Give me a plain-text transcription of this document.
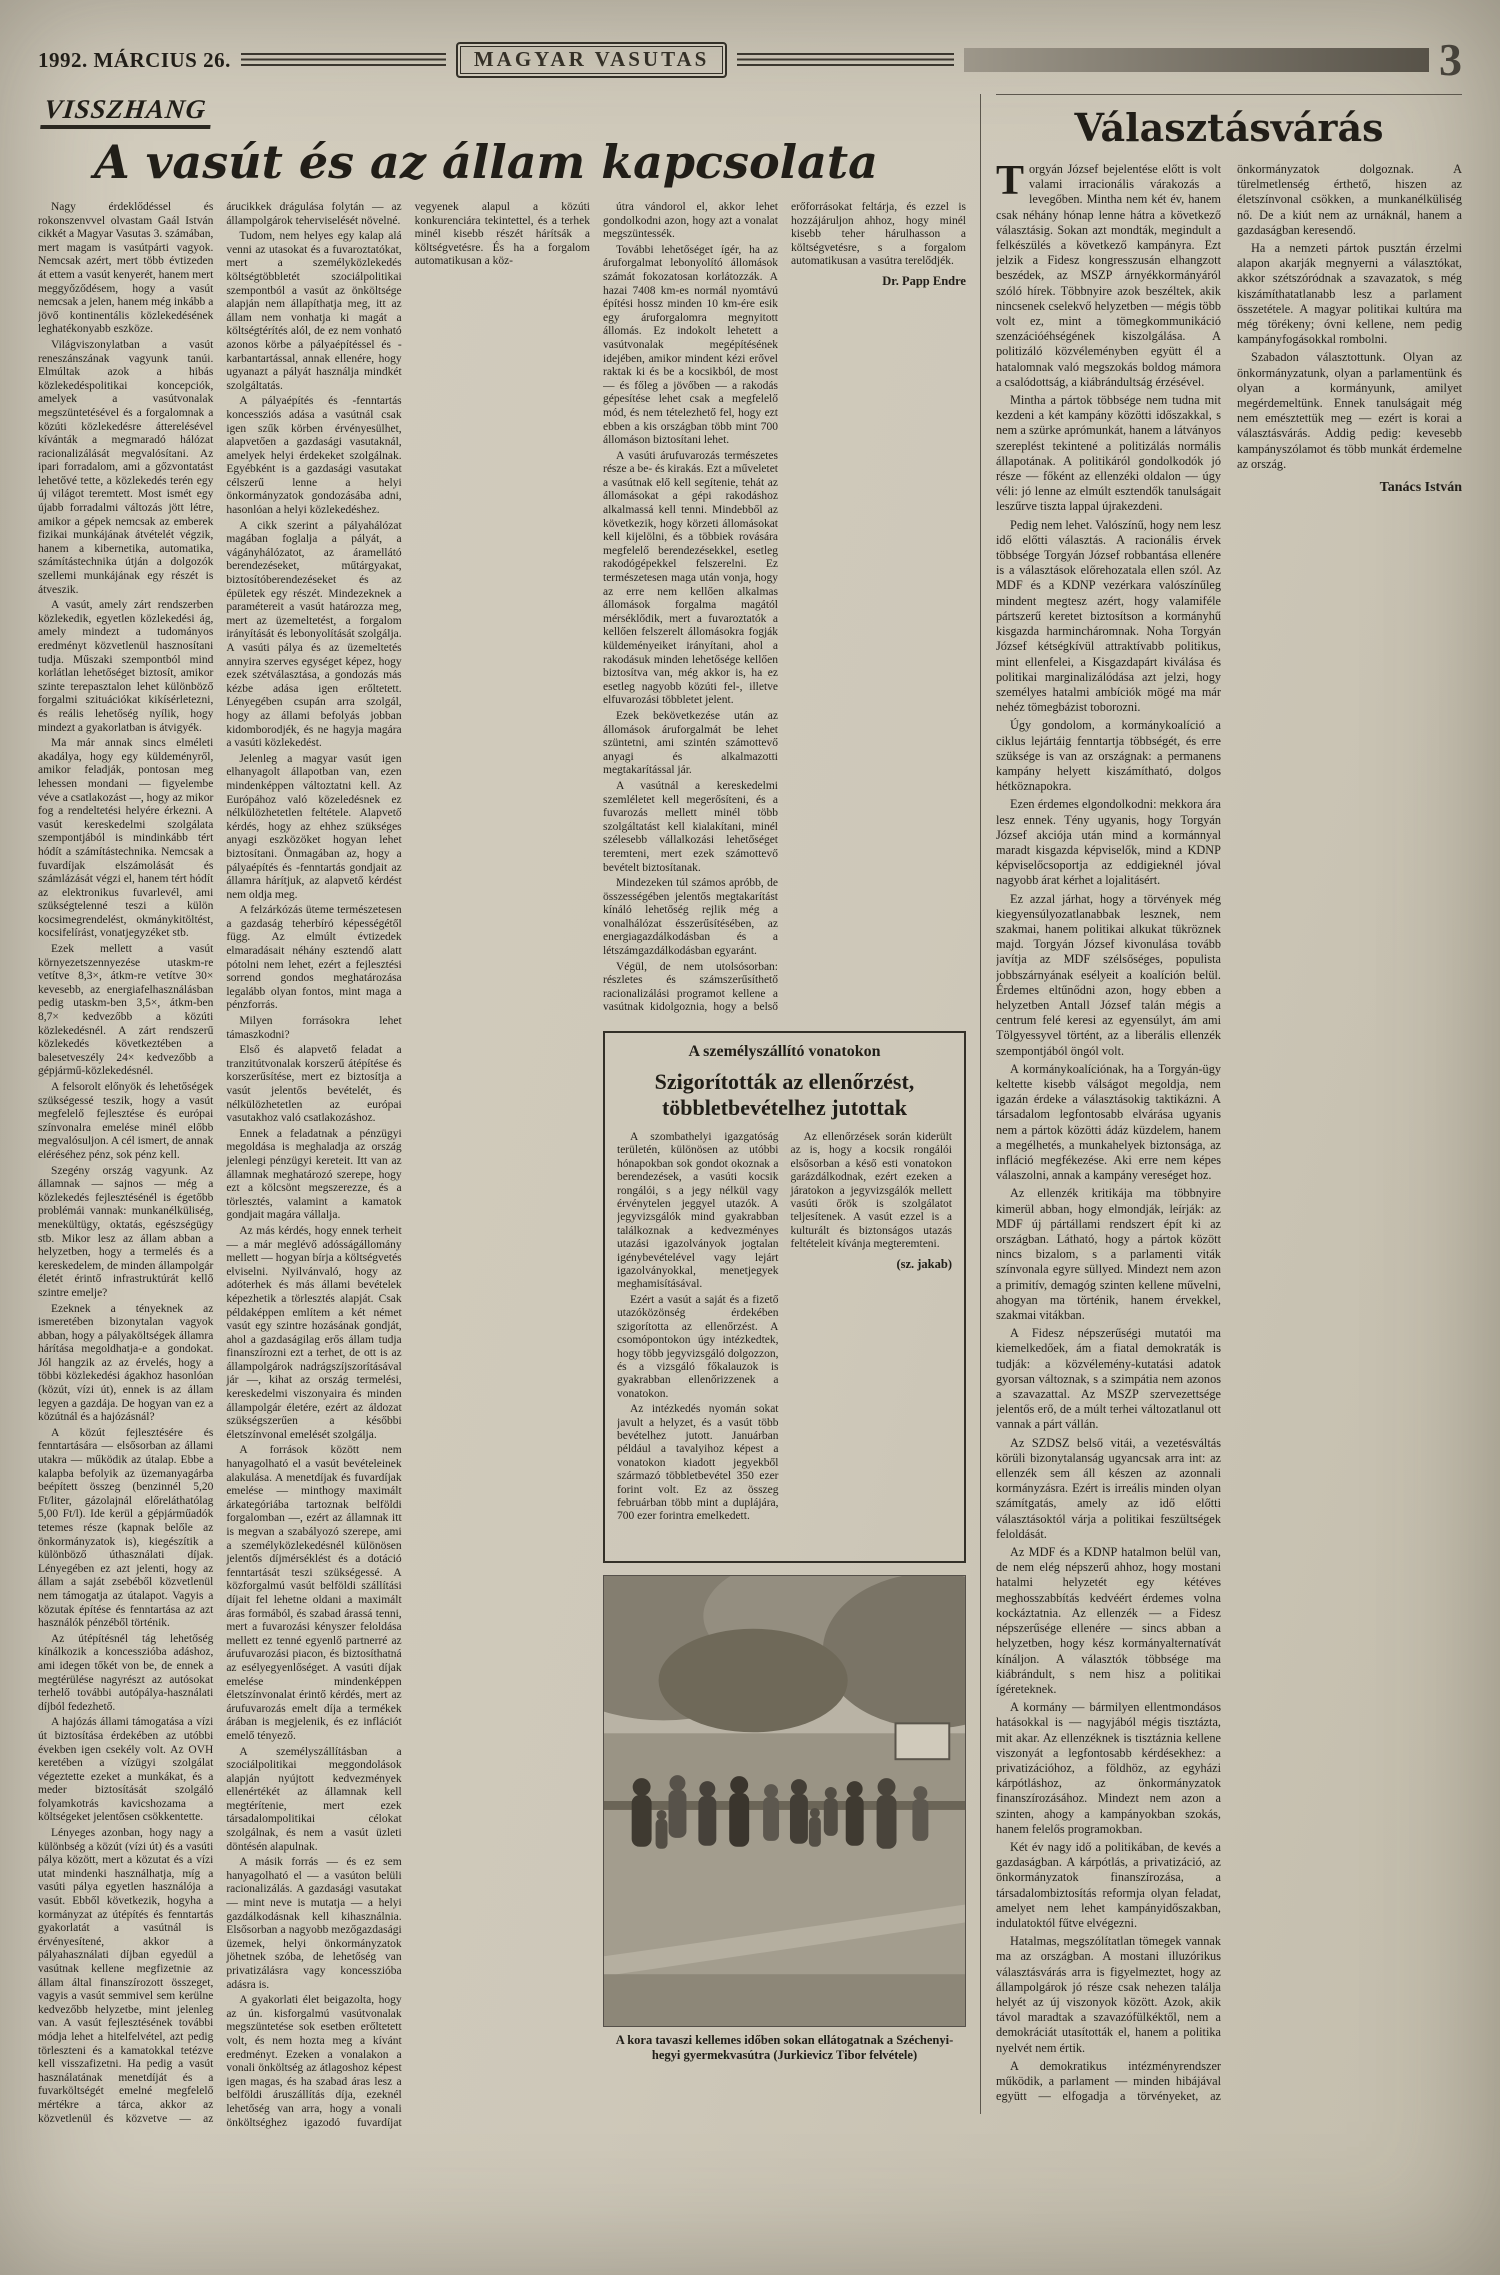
1992. MÁRCIUS 26.	MAGYAR VASUTAS	3
VISSZHANG
A vasút és az állam kapcsolata

Nagy érdeklődéssel és rokonszenvvel olvastam Gaál István cikkét a Magyar Vasutas 3. számában, mert magam is vasútpárti vagyok. Nemcsak azért, mert több évtizeden át ettem a vasút kenyerét, hanem mert meggyőződésem, hogy a vasút nemcsak a jelen, hanem még inkább a jövő kontinentális közlekedésének leghatékonyabb eszköze.

Világviszonylatban a vasút reneszánszának vagyunk tanúi. Elmúltak azok a hibás közlekedéspolitikai koncepciók, amelyek a vasútvonalak megszüntetésével és a forgalomnak a közúti közlekedésre átterelésével kívánták a megmaradó hálózat racionalizálását megvalósítani. Az ipari forradalom, ami a gőzvontatást lehetővé tette, a közlekedés terén egy új világot teremtett. Most ismét egy újabb forradalmi változás jött létre, amikor a gépek nemcsak az emberek fizikai munkájának átvételét végzik, hanem a kibernetika, automatika, számítástechnika útján a dolgozók szellemi munkájának egy részét is átveszik.

A vasút, amely zárt rendszerben közlekedik, egyetlen közlekedési ág, amely mindezt a tudományos eredményt közvetlenül hasznosítani tudja. Műszaki szempontból mind korlátlan lehetőséget biztosít, amikor szinte terepasztalon lehet különböző forgalmi szituációkat kikísérletezni, és reális lehetőség nyílik, hogy mindezt a gyakorlatban is átvigyék.

Ma már annak sincs elméleti akadálya, hogy egy küldeményről, amikor feladják, pontosan meg lehessen mondani — figyelembe véve a csatlakozást —, hogy az mikor fog a rendeltetési helyére érkezni. A vasút kereskedelmi szolgálata szempontjából is mindinkább tért hódít a számítástechnika. Nemcsak a fuvardíjak elszámolását és számlázását végzi el, hanem tért hódít az elektronikus fuvarlevél, ami szükségtelenné teszi a külön kocsimegrendelést, okmánykitöltést, kocsifelírást, vonatjegyzéket stb.

Ezek mellett a vasút környezetszennyezése utaskm-re vetítve 8,3×, átkm-re vetítve 30× kevesebb, az energiafelhasználásban pedig utaskm-ben 3,5×, átkm-ben 8,7× kedvezőbb a közúti közlekedésnél. A zárt rendszerű közlekedés következtében a balesetveszély 24× kedvezőbb a gépjármű-közlekedésnél.

A felsorolt előnyök és lehetőségek szükségessé teszik, hogy a vasút megfelelő fejlesztése és európai színvonalra emelése minél előbb megvalósuljon. A cél ismert, de annak eléréséhez pénz, sok pénz kell.

Szegény ország vagyunk. Az államnak — sajnos — még a közlekedés fejlesztésénél is égetőbb problémái vannak: munkanélküliség, menekültügy, oktatás, egészségügy stb. Mikor lesz az állam abban a helyzetben, hogy a termelés és a kereskedelem, de minden állampolgár életét érintő infrastruktúrát kellő szintre emelje?

Ezeknek a tényeknek az ismeretében bizonytalan vagyok abban, hogy a pályaköltségek államra hárítása megoldhatja-e a gondokat. Jól hangzik az az érvelés, hogy a többi közlekedési ágakhoz hasonlóan (közút, vízi út), ennek is az állam legyen a gazdája. De hogyan van ez a közútnál és a hajózásnál?

A közút fejlesztésére és fenntartására — elsősorban az állami utakra — működik az útalap. Ebbe a kalapba befolyik az üzemanyagárba beépített összeg (benzinnél 5,20 Ft/liter, gázolajnál előreláthatólag 5,00 Ft/l). Ide kerül a gépjárműadók tetemes része (kapnak belőle az önkormányzatok is), kiegészítik a különböző úthasználati díjak. Lényegében ez azt jelenti, hogy az állam a saját zsebéből közvetlenül nem támogatja az útalapot. Vagyis a közutak építése és fenntartása az azt használók pénzéből történik.

Az útépítésnél tág lehetőség kínálkozik a koncesszióba adáshoz, ami idegen tőkét von be, de ennek a megtérülése nagyrészt az autósokat terhelő további autópálya-használati díjból fedezhető.

A hajózás állami támogatása a vízi út biztosítása érdekében az utóbbi években igen csekély volt. Az OVH keretében a vízügyi szolgálat végeztette ezeket a munkákat, és a meder biztosítását szolgáló folyamkotrás kavicshozama a költségeket jelentősen csökkentette.

Lényeges azonban, hogy nagy a különbség a közút (vízi út) és a vasúti pálya között, mert a közutat és a vízi utat mindenki használhatja, míg a vasúti pálya egyetlen használója a vasút. Ebből következik, hogyha a kormányzat az útépítés és fenntartás gyakorlatát a vasútnál is érvényesítené, akkor a pályahasználati díjban egyedül a vasútnak kellene megfizetnie az állam által finanszírozott összeget, vagyis a vasút semmivel sem kerülne kedvezőbb helyzetbe, mint jelenleg van. A vasút fejlesztésének további módja lehet a hitelfelvétel, azt pedig törleszteni és a kamatokkal tetézve kell visszafizetni. Ha pedig a vasút használatának menetdíját és a fuvarköltségét emelné megfelelő mértékre a tárca, akkor az közvetlenül és közvetve — az árucikkek drágulása folytán — az állampolgárok teherviselését növelné.

Tudom, nem helyes egy kalap alá venni az utasokat és a fuvaroztatókat, mert a személyközlekedés költségtöbbletét szociálpolitikai szempontból a vasút az önköltsége alapján nem állapíthatja meg, itt az állam nem vonhatja ki magát a költségtérítés alól, de ez nem vonható azonos körbe a pályaépítéssel és -karbantartással, annak ellenére, hogy ugyanazt a pályát használja mindkét szolgáltatás.

A pályaépítés és -fenntartás koncessziós adása a vasútnál csak igen szűk körben érvényesülhet, alapvetően a gazdasági vasutaknál, amelyek helyi érdekeket szolgálnak. Egyébként is a gazdasági vasutakat célszerű lenne a helyi önkormányzatok gondozásába adni, hasonlóan a helyi közlekedéshez.

A cikk szerint a pályahálózat magában foglalja a pályát, a vágányhálózatot, az áramellátó berendezéseket, műtárgyakat, biztosítóberendezéseket és az épületek egy részét. Mindezeknek a paramétereit a vasút határozza meg, mert az üzemeltetést, a forgalom irányítását és lebonyolítását szolgálja. A vasúti pálya és az üzemeltetés annyira szerves egységet képez, hogy ezek szétválasztása, a gondozás más kézbe adása igen erőltetett. Lényegében csupán arra szolgál, hogy az állami befolyás jobban kidomborodjék, és ne hagyja magára a vasúti közlekedést.

Jelenleg a magyar vasút igen elhanyagolt állapotban van, ezen mindenképpen változtatni kell. Az Európához való közeledésnek ez nélkülözhetetlen feltétele. Alapvető kérdés, hogy az ehhez szükséges anyagi eszközöket hogyan lehet biztosítani. Önmagában az, hogy a pályaépítés és -fenntartás gondjait az államra hárítjuk, az alapvető kérdést nem oldja meg.

A felzárkózás üteme természetesen a gazdaság teherbíró képességétől függ. Az elmúlt évtizedek elmaradásait néhány esztendő alatt pótolni nem lehet, ezért a fejlesztési sorrend gondos meghatározása legalább olyan fontos, mint maga a pénzforrás.

Milyen forrásokra lehet támaszkodni?

Első és alapvető feladat a tranzitútvonalak korszerű átépítése és korszerűsítése, mert ez biztosítja a vasút jelentős bevételét, és nélkülözhetetlen az európai vasutakhoz való csatlakozáshoz.

Ennek a feladatnak a pénzügyi megoldása is meghaladja az ország jelenlegi pénzügyi kereteit. Itt van az államnak meghatározó szerepe, hogy ezt a kölcsönt megszerezze, és a törlesztés, valamint a kamatok gondjait magára vállalja.

Az más kérdés, hogy ennek terheit — a már meglévő adósságállomány mellett — hogyan bírja a költségvetés elviselni. Nyilvánvaló, hogy az adóterhek és más állami bevételek képezhetik a törlesztés alapját. Csak példaképpen említem a két német vasút egy szintre hozásának gondját, ahol a gazdaságilag erős állam tudja finanszírozni ezt a terhet, de ott is az állampolgárok nadrágszíjszorításával jár —, kihat az ország termelési, kereskedelmi viszonyaira és minden állampolgár életére, ezért az áldozat szükségszerűen a későbbi életszínvonal emelését szolgálja.

A források között nem hanyagolható el a vasút bevételeinek alakulása. A menetdíjak és fuvardíjak emelése — minthogy maximált árkategóriába tartoznak belföldi forgalomban —, ezért az államnak itt is megvan a szabályozó szerepe, ami a személyközlekedésnél különösen jelentős díjmérséklést és a dotáció fenntartását teszi szükségessé. A közforgalmú vasút belföldi szállítási díjait fel lehetne oldani a maximált áras formából, és szabad árassá tenni, mert a fuvarozási kényszer feloldása mellett ez tenné egyenlő partnerré az árufuvarozási piacon, és biztosíthatná az esélyegyenlőséget. A vasúti díjak emelése mindenképpen életszínvonalat érintő kérdés, mert az árufuvarozás emelt díja a termékek árában is megjelenik, és ez inflációt emelő tényező.

A személyszállításban a szociálpolitikai meggondolások alapján nyújtott kedvezmények ellenértékét az államnak kell megtérítenie, mert ezek társadalompolitikai célokat szolgálnak, és nem a vasút üzleti döntésén alapulnak.

A másik forrás — és ez sem hanyagolható el — a vasúton belüli racionalizálás. A gazdasági vasutakat — mint neve is mutatja — a helyi gazdálkodásnak kell kihasználnia. Elsősorban a nagyobb mezőgazdasági üzemek, helyi önkormányzatok jöhetnek szóba, de lehetőség van privatizálásra vagy koncesszióba adásra is.

A gyakorlati élet beigazolta, hogy az ún. kisforgalmú vasútvonalak megszüntetése sok esetben erőltetett volt, és nem hozta meg a kívánt eredményt. Ezeken a vonalakon a vonali önköltség az átlagoshoz képest igen magas, és ha szabad áras lesz a belföldi áruszállítás díja, ezeknél lehetőség van arra, hogy a vonali önköltséghez igazodó fuvardíjat vegyenek alapul a közúti konkurenciára tekintettel, és a terhek minél kisebb részét hárítsák a költségvetésre. És ha a forgalom automatikusan a köz-

útra vándorol el, akkor lehet gondolkodni azon, hogy azt a vonalat megszüntessék.

További lehetőséget ígér, ha az áruforgalmat lebonyolító állomások számát fokozatosan korlátozzák. A hazai 7408 km-es normál nyomtávú építési hossz minden 10 km-ére esik egy áruforgalomra megnyitott állomás. Ez indokolt lehetett a vasútvonalak megépítésének idejében, amikor mindent kézi erővel raktak ki és be a kocsikból, de most — és főleg a jövőben — a rakodás gépesítése lehet csak a megfelelő mód, és nem tételezhető fel, hogy ezt ebben a kis országban több mint 700 állomáson biztosítani lehet.

A vasúti árufuvarozás természetes része a be- és kirakás. Ezt a műveletet a vasútnak elő kell segítenie, tehát az állomásokat a gépi rakodáshoz alkalmassá kell tenni. Mindebből az következik, hogy körzeti állomásokat kell kijelölni, és a többiek rovására megfelelő berendezésekkel, esetleg rakodógépekkel felszerelni. Ez természetesen maga után vonja, hogy az erre nem kellően alkalmas állomások forgalma magától mérséklődik, mert a fuvaroztatók a kellően felszerelt állomásokra fogják küldeményeiket irányítani, ahol a rakodásuk minden lehetősége kellően biztosítva van, még akkor is, ha ez esetleg nagyobb közúti fel-, illetve elfuvarozási többletet jelent.

Ezek bekövetkezése után az állomások áruforgalmát be lehet szüntetni, ami szintén számottevő anyagi és alkalmazotti megtakarítással jár.

A vasútnál a kereskedelmi szemléletet kell megerősíteni, és a fuvarozás mellett minél több szolgáltatást kell kialakítani, minél szélesebb vállalkozási lehetőséget teremteni, mert ezek számottevő bevételt biztosítanak.

Mindezeken túl számos apróbb, de összességében jelentős megtakarítást kínáló lehetőség rejlik még a vonalhálózat ésszerűsítésében, az energiagazdálkodásban és a létszámgazdálkodásban egyaránt.

Végül, de nem utolsósorban: részletes és számszerűsíthető racionalizálási programot kellene a vasútnak kidolgoznia, hogy a belső erőforrásokat feltárja, és ezzel is hozzájáruljon ahhoz, hogy minél kisebb teher hárulhasson a költségvetésre, s a forgalom automatikusan a vasútra terelődjék.

Dr. Papp Endre
A személyszállító vonatokon
Szigorították az ellenőrzést, többletbevételhez jutottak

A szombathelyi igazgatóság területén, különösen az utóbbi hónapokban sok gondot okoznak a berendezések, a vasúti kocsik rongálói, s a jegy nélkül vagy érvénytelen jeggyel utazók. A jegyvizsgálók mind gyakrabban találkoznak a kedvezményes utazási igazolványok jogtalan igénybevételével vagy lejárt igazolványokkal, menetjegyek meghamisításával.

Ezért a vasút a saját és a fizető utazóközönség érdekében szigorította az ellenőrzést. A csomópontokon úgy intézkedtek, hogy több jegyvizsgáló dolgozzon, és a vizsgáló főkalauzok is gyakrabban ellenőrizzenek a vonatokon.

Az intézkedés nyomán sokat javult a helyzet, és a vasút több bevételhez jutott. Januárban például a tavalyihoz képest a vonatokon kiadott jegyekből származó többletbevétel 350 ezer forint volt. Ez az összeg februárban több mint a duplájára, 700 ezer forintra emelkedett.

Az ellenőrzések során kiderült az is, hogy a kocsik rongálói elsősorban a késő esti vonatokon garázdálkodnak, ezért ezeken a járatokon a jegyvizsgálók mellett vasúti őrök is szolgálatot teljesítenek. A vasút ezzel is a kulturált és biztonságos utazás feltételeit kívánja megteremteni.

(sz. jakab)
A kora tavaszi kellemes időben sokan ellátogatnak a Széchenyi-hegyi gyermekvasútra (Jurkievicz Tibor felvétele)
Választásvárás

Torgyán József bejelentése előtt is volt valami irracionális várakozás a levegőben. Mintha nem két év, hanem csak néhány hónap lenne hátra a következő választásig. Sokan azt mondták, megindult a felkészülés a következő kampányra. Ezt jelzik a Fidesz kongresszusán elhangzott beszédek, az MSZP árnyékkormányáról szóló hírek. Többnyire azok beszéltek, akik nincsenek cselekvő helyzetben — mégis több volt ez, mint a tömegkommunikáció szenzációéhségének kiszolgálása. A politizáló közvéleményben együtt él a hatalomnak való megszokás boldog mámora a csalódottság, a kiábrándultság érzésével.

Mintha a pártok többsége nem tudna mit kezdeni a két kampány közötti időszakkal, s nem a szürke aprómunkát, hanem a látványos szereplést tekintené a politizálás normális állapotának. A politikáról gondolkodók jó része — főként az ellenzéki oldalon — úgy véli: jó lenne az elmúlt esztendők tanulságait leszűrve tiszta lappal újrakezdeni.

Pedig nem lehet. Valószínű, hogy nem lesz idő előtti választás. A racionális érvek többsége Torgyán József robbantása ellenére is a választások előrehozatala ellen szól. Az MDF és a KDNP vezérkara valószínűleg mindent megtesz azért, hogy valamiféle pártszerű keretet biztosítson a kormányhű kisgazda harmincháromnak. Noha Torgyán József kétségkívül attraktívabb politikus, mint ellenfelei, a Kisgazdapárt kiválása és politikai marginalizálódása azt jelzi, hogy személyes hatalmi ambíciók mögé ma már nehéz tömegbázist toborozni.

Úgy gondolom, a kormánykoalíció a ciklus lejártáig fenntartja többségét, és erre szüksége is van az országnak: a permanens kampány helyett kiszámítható, dolgos hétköznapokra.

Ezen érdemes elgondolkodni: mekkora ára lesz ennek. Tény ugyanis, hogy Torgyán József akciója után mind a kormánnyal maradt kisgazda képviselők, mind a KDNP képviselőcsoportja az eddigieknél jóval nagyobb árat kérhet a lojalitásért.

Ez azzal járhat, hogy a törvények még kiegyensúlyozatlanabbak lesznek, nem szakmai, hanem politikai alkukat tükröznek majd. Torgyán József kivonulása tovább javítja az MDF szélsőséges, populista jobbszárnyának esélyeit a koalíción belül. Érdemes eltűnődni azon, hogy ebben a helyzetben Antall József talán mégis a centrum felé keresi az egyensúlyt, ám ami Tölgyessyvel történt, az a liberális ellenzék szempontjából öngól volt.

A kormánykoalíciónak, ha a Torgyán-ügy keltette kisebb válságot megoldja, nem igazán érdeke a választásokig taktikázni. A társadalom legfontosabb elvárása ugyanis nem a pártok közötti ádáz küzdelem, hanem a megélhetés, a munkahelyek biztonsága, az infláció megfékezése. Aki erre nem képes válaszolni, annak a kampány vereséget hoz.

Az ellenzék kritikája ma többnyire kimerül abban, hogy elmondják, leírják: az MDF új pártállami rendszert épít ki az országban. Látható, hogy a pártok között nincs bizalom, s a parlamenti viták színvonala egyre süllyed. Mindezt nem azon a primitív, demagóg szinten kellene művelni, ahogyan ma történik, hanem érvekkel, szakmai vitákban.

A Fidesz népszerűségi mutatói ma kiemelkedőek, ám a fiatal demokraták is tudják: a közvélemény-kutatási adatok gyorsan változnak, s a szimpátia nem azonos a szavazattal. Az MSZP szervezettsége jelentős erő, de a múlt terhei változatlanul ott vannak a párt vállán.

Az SZDSZ belső vitái, a vezetésváltás körüli bizonytalanság ugyancsak arra int: az ellenzék sem áll készen az azonnali kormányzásra. Ezért is irreális minden olyan számítgatás, amely az idő előtti választásoktól várja a politikai feszültségek feloldását.

Az MDF és a KDNP hatalmon belül van, de nem elég népszerű ahhoz, hogy mostani hatalmi helyzetét egy kétéves meghosszabbítás kedvéért érdemes volna kockáztatnia. Az ellenzék — a Fidesz népszerűsége ellenére — sincs abban a helyzetben, hogy kész kormányalternatívát kínáljon. A választók többsége ma kiábrándult, s nem hisz a politikai ígéreteknek.

A kormány — bármilyen ellentmondásos hatásokkal is — nagyjából mégis tisztázta, mit akar. Az ellenzéknek is tisztáznia kellene viszonyát a legfontosabb kérdésekhez: a privatizációhoz, a földhöz, az egyházi kárpótláshoz, az önkormányzatok finanszírozásához. Mindezt nem azon a szinten, ahogy a kampányokban szokás, hanem felelős programokban.

Két év nagy idő a politikában, de kevés a gazdaságban. A kárpótlás, a privatizáció, az önkormányzatok finanszírozása, a társadalombiztosítás reformja olyan feladat, amelyet nem lehet kampányidőszakban, indulatoktól fűtve elvégezni.

Hatalmas, megszólítatlan tömegek vannak ma az országban. A mostani illuzórikus választásvárás arra is figyelmeztet, hogy az állampolgárok jó része csak nehezen találja helyét az új viszonyok között. Azok, akik távol maradtak a szavazófülkéktől, nem a demokráciát utasították el, hanem a politika nyelvét nem értik.

A demokratikus intézményrendszer működik, a parlament — minden hibájával együtt — elfogadja a törvényeket, az önkormányzatok dolgoznak. A türelmetlenség érthető, hiszen az életszínvonal csökken, a munkanélküliség nő. De a kiút nem az urnáknál, hanem a gazdaságban keresendő.

Ha a nemzeti pártok pusztán érzelmi alapon akarják megnyerni a választókat, akkor szétszóródnak a szavazatok, s még kiszámíthatatlanabb lesz a parlament összetétele. A magyar politikai kultúra ma még törékeny; óvni kellene, nem pedig kampányfogásokkal rombolni.

Szabadon választottunk. Olyan az önkormányzatunk, olyan a parlamentünk és olyan a kormányunk, amilyet megérdemeltünk. Ennek tanulságait még nem emésztettük meg — ezért is korai a választásvárás. Addig pedig: kevesebb kampányszólamot és több munkát érdemelne az ország.

Tanács István
